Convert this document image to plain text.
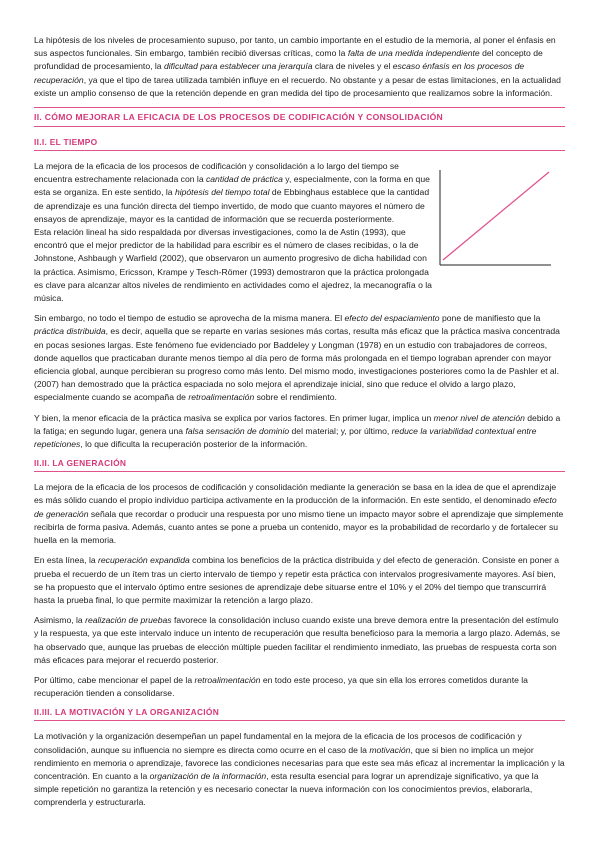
La hipótesis de los niveles de procesamiento supuso, por tanto, un cambio importante en el estudio de la memoria, al poner el énfasis en sus aspectos funcionales. Sin embargo, también recibió diversas críticas, como la falta de una medida independiente del concepto de profundidad de procesamiento, la dificultad para establecer una jerarquía clara de niveles y el escaso énfasis en los procesos de recuperación, ya que el tipo de tarea utilizada también influye en el recuerdo. No obstante y a pesar de estas limitaciones, en la actualidad existe un amplio consenso de que la retención depende en gran medida del tipo de procesamiento que realizamos sobre la información.

II. CÓMO MEJORAR LA EFICACIA DE LOS PROCESOS DE CODIFICACIÓN Y CONSOLIDACIÓN
II.I. EL TIEMPO

La mejora de la eficacia de los procesos de codificación y consolidación a lo largo del tiempo se encuentra estrechamente relacionada con la cantidad de práctica y, especialmente, con la forma en que esta se organiza. En este sentido, la hipótesis del tiempo total de Ebbinghaus establece que la cantidad de aprendizaje es una función directa del tiempo invertido, de modo que cuanto mayores el número de ensayos de aprendizaje, mayor es la cantidad de información que se recuerda posteriormente.

Esta relación lineal ha sido respaldada por diversas investigaciones, como la de Astin (1993), que encontró que el mejor predictor de la habilidad para escribir es el número de clases recibidas, o la de Johnstone, Ashbaugh y Warfield (2002), que observaron un aumento progresivo de dicha habilidad con la práctica. Asimismo, Ericsson, Krampe y Tesch-Römer (1993) demostraron que la práctica prolongada es clave para alcanzar altos niveles de rendimiento en actividades como el ajedrez, la mecanografía o la música.

Sin embargo, no todo el tiempo de estudio se aprovecha de la misma manera. El efecto del espaciamiento pone de manifiesto que la práctica distribuida, es decir, aquella que se reparte en varias sesiones más cortas, resulta más eficaz que la práctica masiva concentrada en pocas sesiones largas. Este fenómeno fue evidenciado por Baddeley y Longman (1978) en un estudio con trabajadores de correos, donde aquellos que practicaban durante menos tiempo al día pero de forma más prolongada en el tiempo lograban aprender con mayor eficiencia global, aunque percibieran su progreso como más lento. Del mismo modo, investigaciones posteriores como la de Pashler et al. (2007) han demostrado que la práctica espaciada no solo mejora el aprendizaje inicial, sino que reduce el olvido a largo plazo, especialmente cuando se acompaña de retroalimentación sobre el rendimiento.

Y bien, la menor eficacia de la práctica masiva se explica por varios factores. En primer lugar, implica un menor nivel de atención debido a la fatiga; en segundo lugar, genera una falsa sensación de dominio del material; y, por último, reduce la variabilidad contextual entre repeticiones, lo que dificulta la recuperación posterior de la información.

II.II. LA GENERACIÓN

La mejora de la eficacia de los procesos de codificación y consolidación mediante la generación se basa en la idea de que el aprendizaje es más sólido cuando el propio individuo participa activamente en la producción de la información. En este sentido, el denominado efecto de generación señala que recordar o producir una respuesta por uno mismo tiene un impacto mayor sobre el aprendizaje que simplemente recibirla de forma pasiva. Además, cuanto antes se pone a prueba un contenido, mayor es la probabilidad de recordarlo y de fortalecer su huella en la memoria.

En esta línea, la recuperación expandida combina los beneficios de la práctica distribuida y del efecto de generación. Consiste en poner a prueba el recuerdo de un ítem tras un cierto intervalo de tiempo y repetir esta práctica con intervalos progresivamente mayores. Así bien, se ha propuesto que el intervalo óptimo entre sesiones de aprendizaje debe situarse entre el 10% y el 20% del tiempo que transcurrirá hasta la prueba final, lo que permite maximizar la retención a largo plazo.

Asimismo, la realización de pruebas favorece la consolidación incluso cuando existe una breve demora entre la presentación del estímulo y la respuesta, ya que este intervalo induce un intento de recuperación que resulta beneficioso para la memoria a largo plazo. Además, se ha observado que, aunque las pruebas de elección múltiple pueden facilitar el rendimiento inmediato, las pruebas de respuesta corta son más eficaces para mejorar el recuerdo posterior.

Por último, cabe mencionar el papel de la retroalimentación en todo este proceso, ya que sin ella los errores cometidos durante la recuperación tienden a consolidarse.

II.III. LA MOTIVACIÓN Y LA ORGANIZACIÓN

La motivación y la organización desempeñan un papel fundamental en la mejora de la eficacia de los procesos de codificación y consolidación, aunque su influencia no siempre es directa como ocurre en el caso de la motivación, que si bien no implica un mejor rendimiento en memoria o aprendizaje, favorece las condiciones necesarias para que este sea más eficaz al incrementar la implicación y la concentración. En cuanto a la organización de la información, esta resulta esencial para lograr un aprendizaje significativo, ya que la simple repetición no garantiza la retención y es necesario conectar la nueva información con los conocimientos previos, elaborarla, comprenderla y estructurarla.
